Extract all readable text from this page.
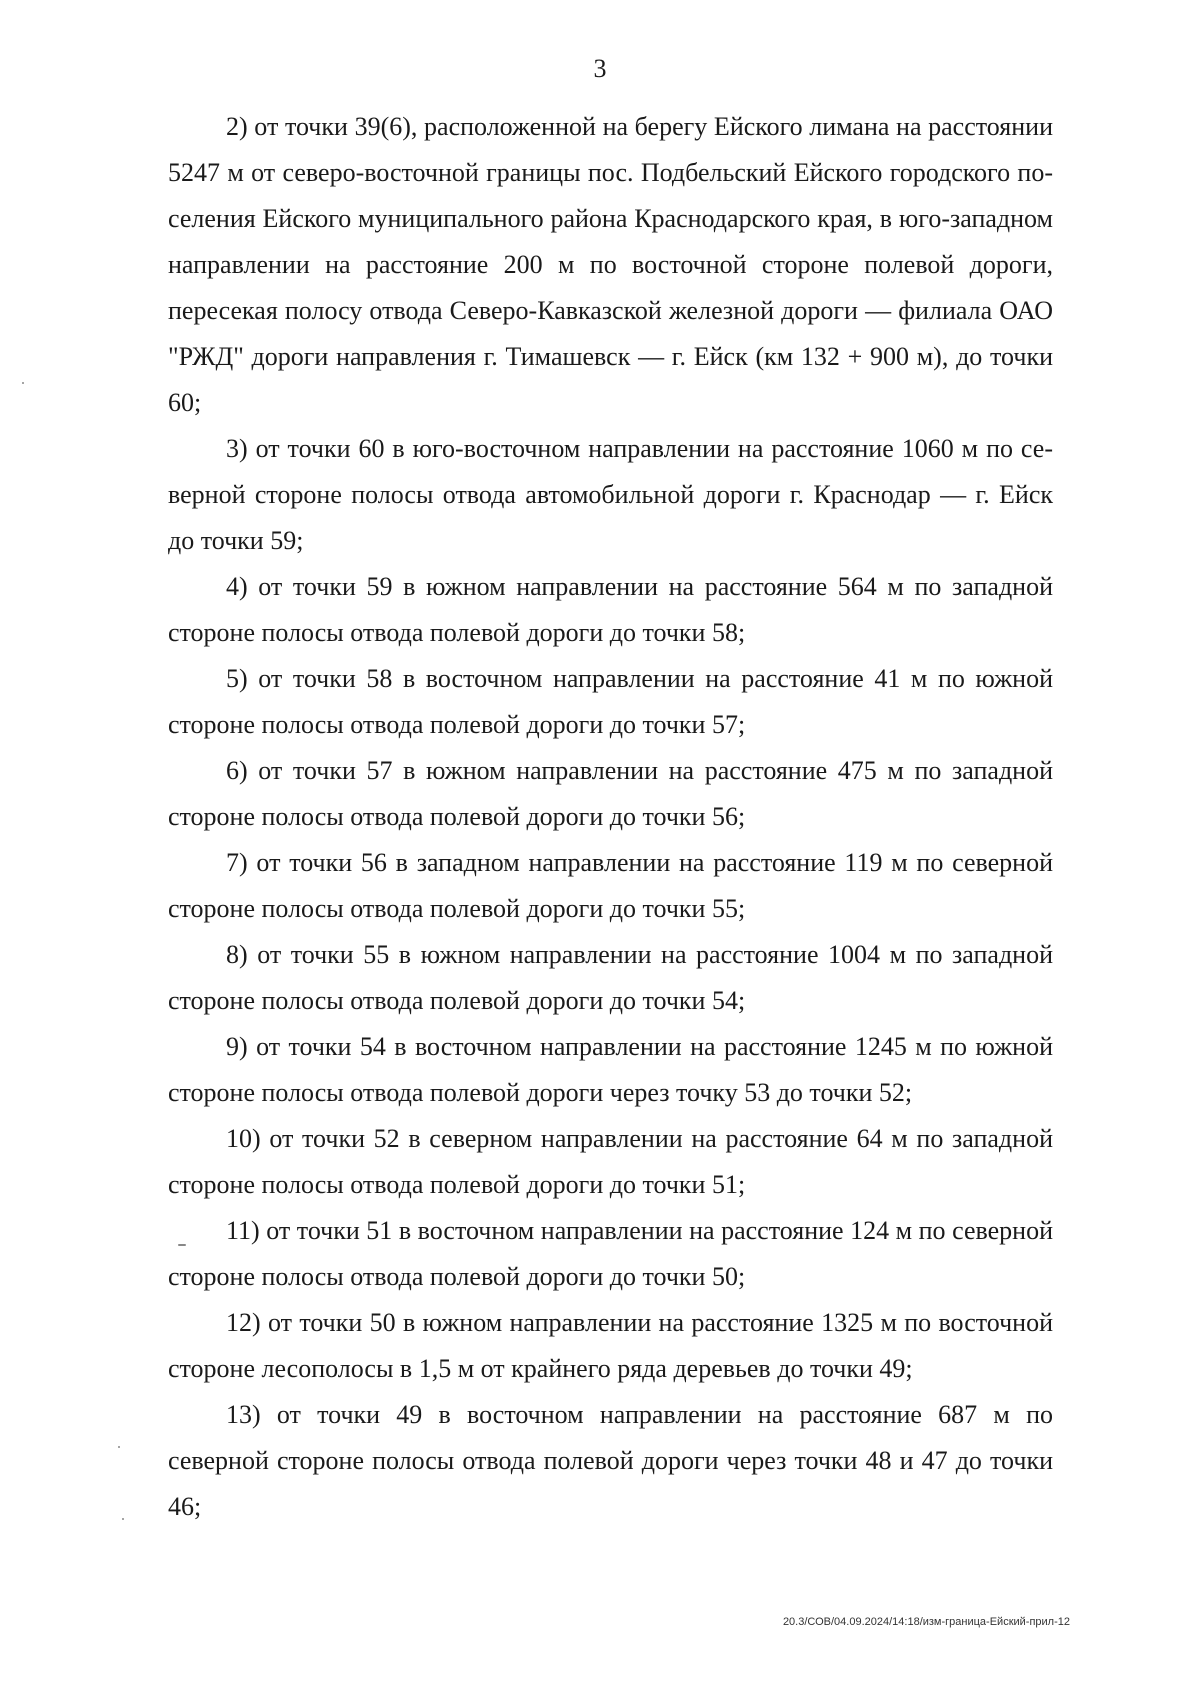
3

2) от точки 39(6), расположенной на берегу Ейского лимана на расстоянии 5247 м от северо-восточной границы пос. Подбельский Ейского городского поселения Ейского муниципального района Краснодарского края, в юго-западном направлении на расстояние 200 м по восточной стороне полевой дороги, пересекая полосу отвода Северо-Кавказской железной дороги — филиала ОАО "РЖД" дороги направления г. Тимашевск — г. Ейск (км 132 + 900 м), до точки 60;

3) от точки 60 в юго-восточном направлении на расстояние 1060 м по северной стороне полосы отвода автомобильной дороги г. Краснодар — г. Ейск до точки 59;

4) от точки 59 в южном направлении на расстояние 564 м по западной стороне полосы отвода полевой дороги до точки 58;

5) от точки 58 в восточном направлении на расстояние 41 м по южной стороне полосы отвода полевой дороги до точки 57;

6) от точки 57 в южном направлении на расстояние 475 м по западной стороне полосы отвода полевой дороги до точки 56;

7) от точки 56 в западном направлении на расстояние 119 м по северной стороне полосы отвода полевой дороги до точки 55;

8) от точки 55 в южном направлении на расстояние 1004 м по западной стороне полосы отвода полевой дороги до точки 54;

9) от точки 54 в восточном направлении на расстояние 1245 м по южной стороне полосы отвода полевой дороги через точку 53 до точки 52;

10) от точки 52 в северном направлении на расстояние 64 м по западной стороне полосы отвода полевой дороги до точки 51;

11) от точки 51 в восточном направлении на расстояние 124 м по северной стороне полосы отвода полевой дороги до точки 50;

12) от точки 50 в южном направлении на расстояние 1325 м по восточной стороне лесополосы в 1,5 м от крайнего ряда деревьев до точки 49;

13) от точки 49 в восточном направлении на расстояние 687 м по северной стороне полосы отвода полевой дороги через точки 48 и 47 до точки 46;

20.3/СОВ/04.09.2024/14:18/изм-граница-Ейский-прил-12
